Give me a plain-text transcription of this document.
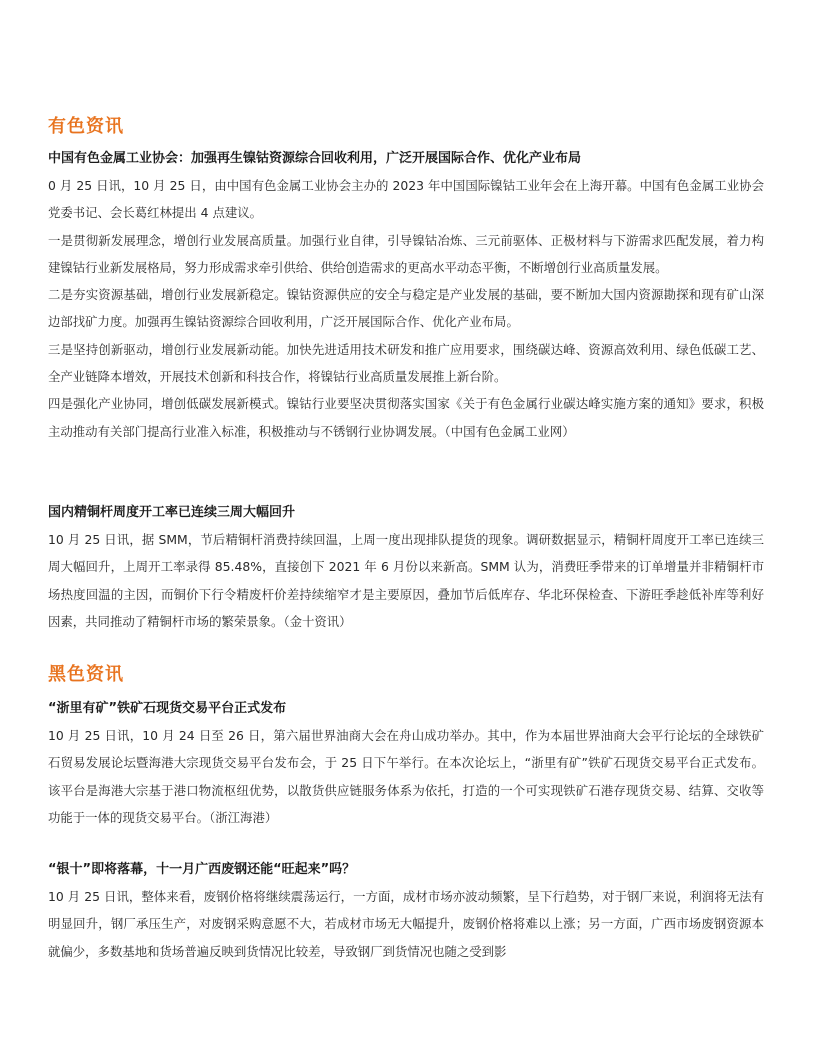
有色资讯
中国有色金属工业协会：加强再生镍钴资源综合回收利用，广泛开展国际合作、优化产业布局

0 月 25 日讯，10 月 25 日，由中国有色金属工业协会主办的 2023 年中国国际镍钴工业年会在上海开幕。中国有色金属工业协会党委书记、会长葛红林提出 4 点建议。

一是贯彻新发展理念，增创行业发展高质量。加强行业自律，引导镍钴冶炼、三元前驱体、正极材料与下游需求匹配发展，着力构建镍钴行业新发展格局，努力形成需求牵引供给、供给创造需求的更高水平动态平衡，不断增创行业高质量发展。

二是夯实资源基础，增创行业发展新稳定。镍钴资源供应的安全与稳定是产业发展的基础，要不断加大国内资源勘探和现有矿山深边部找矿力度。加强再生镍钴资源综合回收利用，广泛开展国际合作、优化产业布局。

三是坚持创新驱动，增创行业发展新动能。加快先进适用技术研发和推广应用要求，围绕碳达峰、资源高效利用、绿色低碳工艺、全产业链降本增效，开展技术创新和科技合作，将镍钴行业高质量发展推上新台阶。

四是强化产业协同，增创低碳发展新模式。镍钴行业要坚决贯彻落实国家《关于有色金属行业碳达峰实施方案的通知》要求，积极主动推动有关部门提高行业准入标准，积极推动与不锈钢行业协调发展。（中国有色金属工业网）

国内精铜杆周度开工率已连续三周大幅回升

10 月 25 日讯，据 SMM，节后精铜杆消费持续回温，上周一度出现排队提货的现象。调研数据显示，精铜杆周度开工率已连续三周大幅回升，上周开工率录得 85.48%，直接创下 2021 年 6 月份以来新高。SMM 认为，消费旺季带来的订单增量并非精铜杆市场热度回温的主因，而铜价下行令精废杆价差持续缩窄才是主要原因，叠加节后低库存、华北环保检查、下游旺季趁低补库等利好因素，共同推动了精铜杆市场的繁荣景象。（金十资讯）

黑色资讯
“浙里有矿”铁矿石现货交易平台正式发布

10 月 25 日讯，10 月 24 日至 26 日，第六届世界油商大会在舟山成功举办。其中，作为本届世界油商大会平行论坛的全球铁矿石贸易发展论坛暨海港大宗现货交易平台发布会，于 25 日下午举行。在本次论坛上，“浙里有矿”铁矿石现货交易平台正式发布。该平台是海港大宗基于港口物流枢纽优势，以散货供应链服务体系为依托，打造的一个可实现铁矿石港存现货交易、结算、交收等功能于一体的现货交易平台。（浙江海港）

“银十”即将落幕，十一月广西废钢还能“旺起来”吗？

10 月 25 日讯，整体来看，废钢价格将继续震荡运行，一方面，成材市场亦波动频繁，呈下行趋势，对于钢厂来说，利润将无法有明显回升，钢厂承压生产，对废钢采购意愿不大，若成材市场无大幅提升，废钢价格将难以上涨；另一方面，广西市场废钢资源本就偏少，多数基地和货场普遍反映到货情况比较差，导致钢厂到货情况也随之受到影
